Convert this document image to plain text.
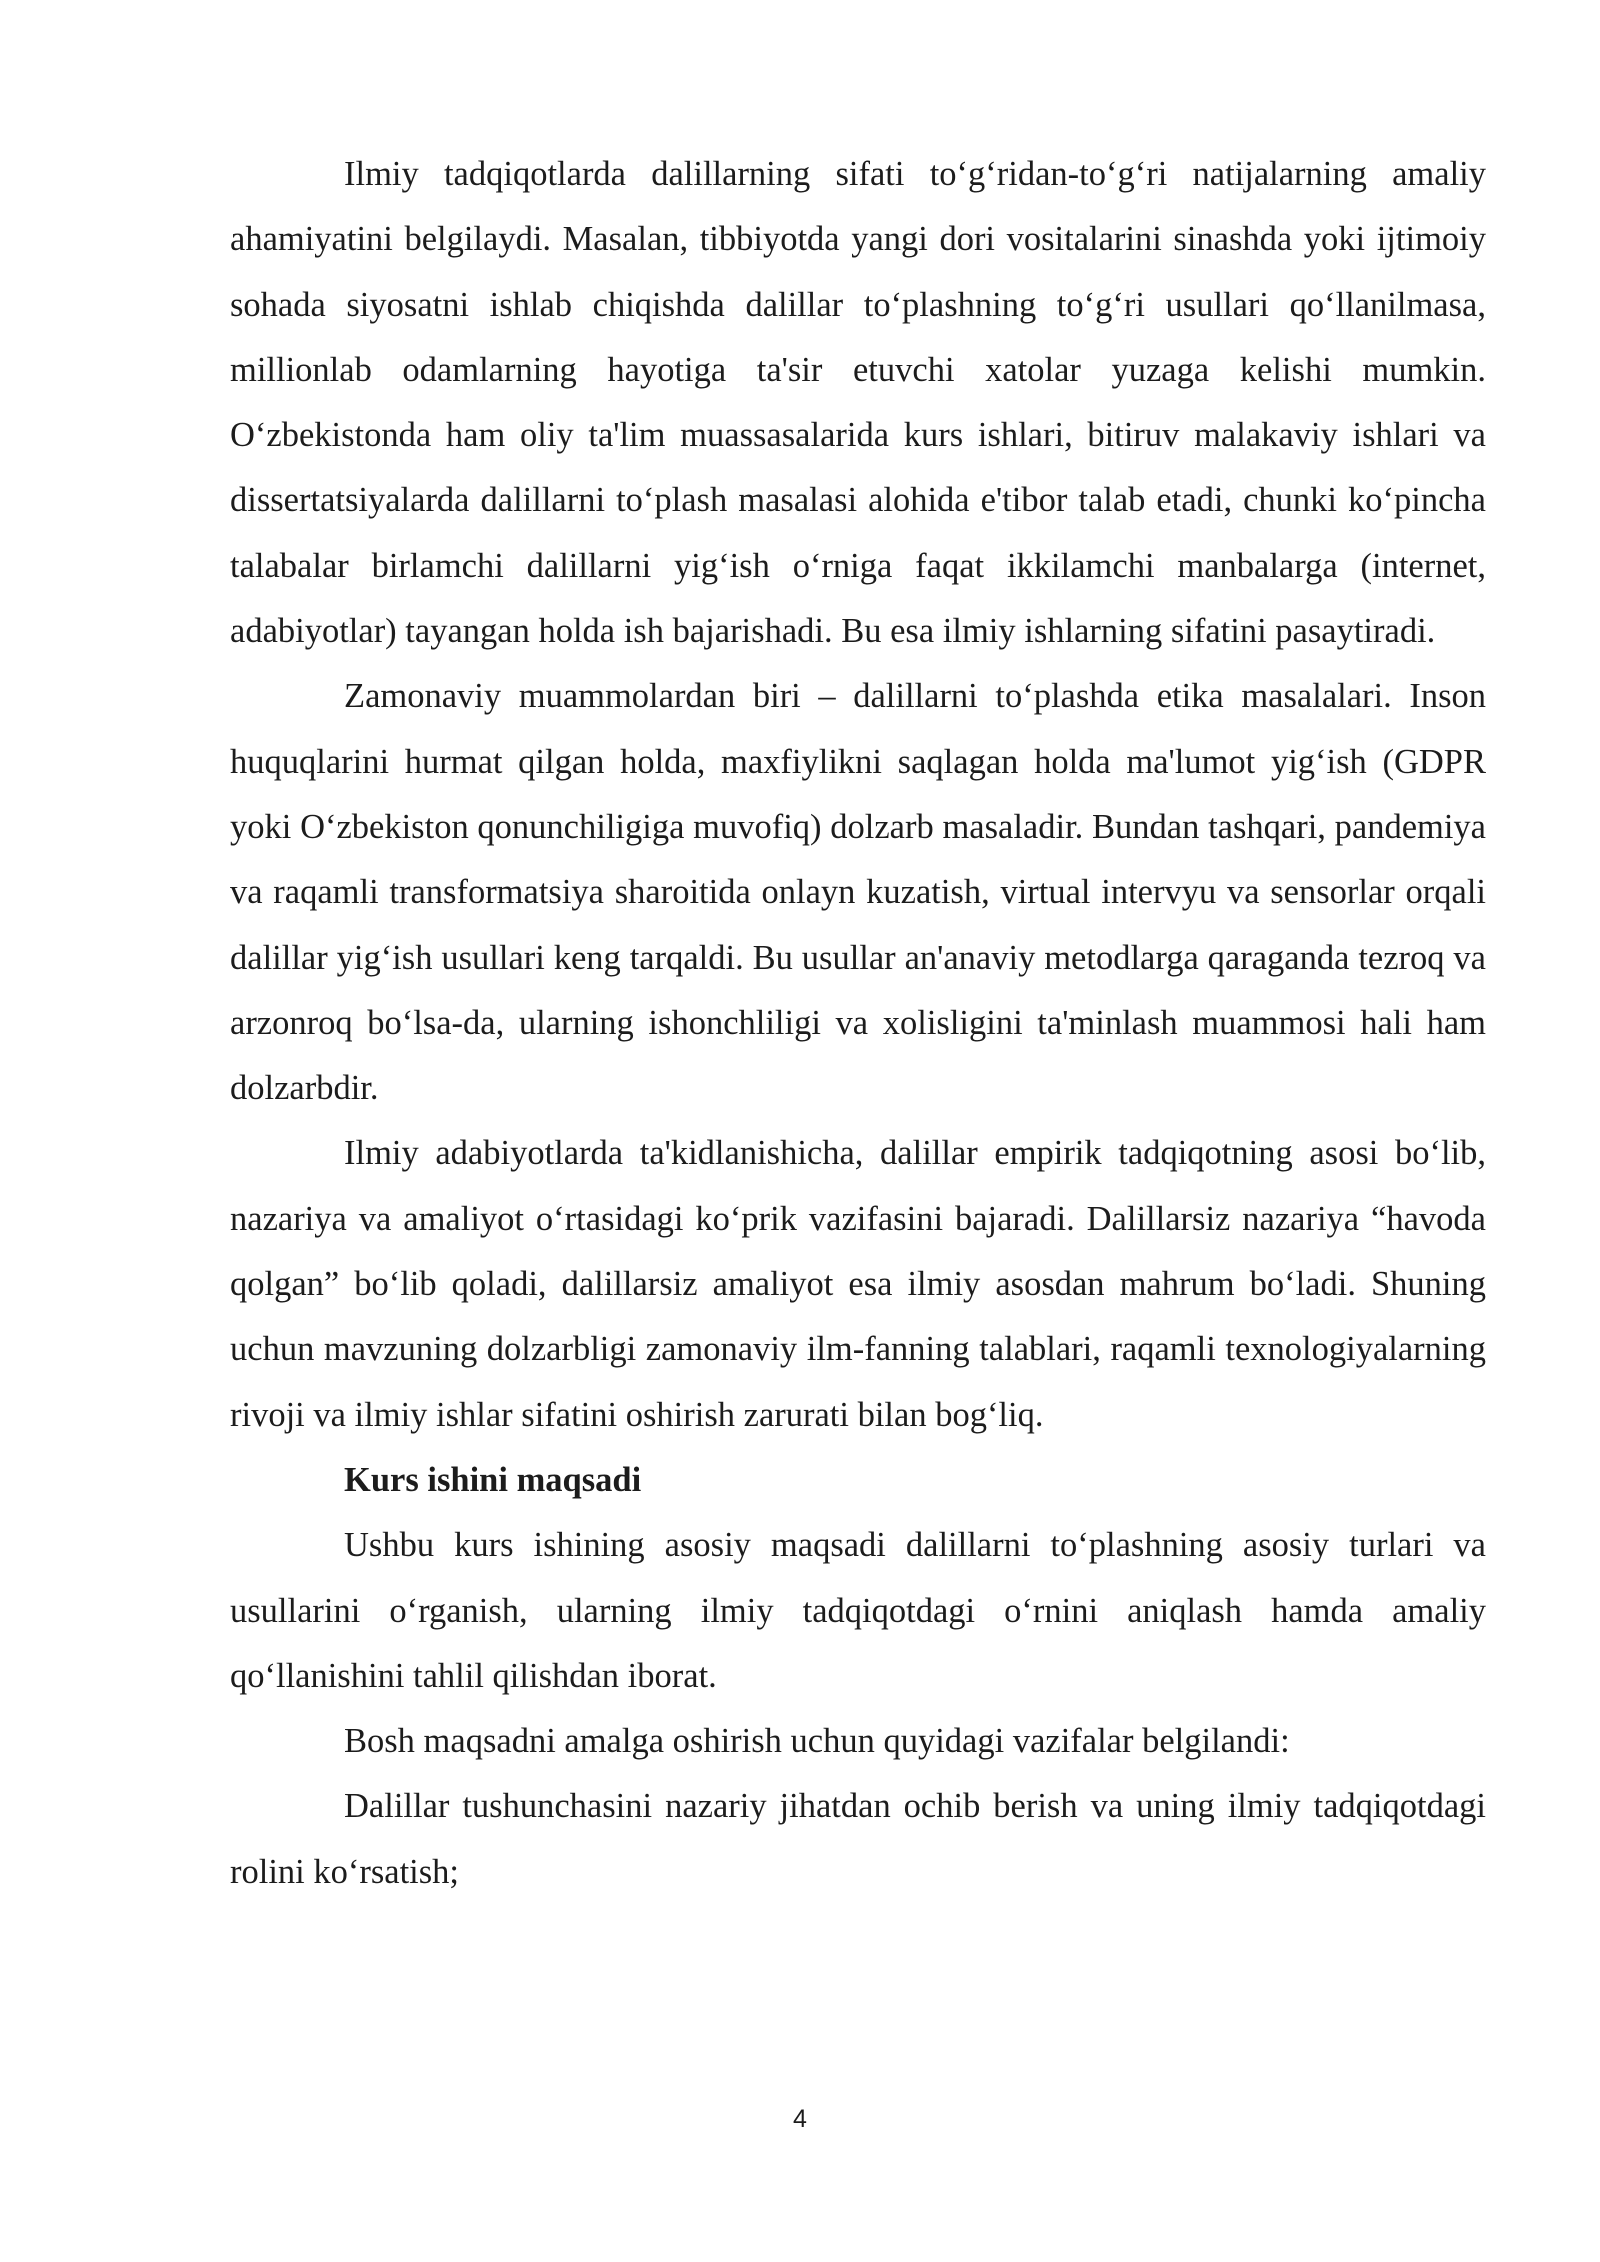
Ilmiy tadqiqotlarda dalillarning sifati to‘g‘ridan-to‘g‘ri natijalarning amaliy ahamiyatini belgilaydi. Masalan, tibbiyotda yangi dori vositalarini sinashda yoki ijtimoiy sohada siyosatni ishlab chiqishda dalillar to‘plashning to‘g‘ri usullari qo‘llanilmasa, millionlab odamlarning hayotiga ta'sir etuvchi xatolar yuzaga kelishi mumkin. O‘zbekistonda ham oliy ta'lim muassasalarida kurs ishlari, bitiruv malakaviy ishlari va dissertatsiyalarda dalillarni to‘plash masalasi alohida e'tibor talab etadi, chunki ko‘pincha talabalar birlamchi dalillarni yig‘ish o‘rniga faqat ikkilamchi manbalarga (internet, adabiyotlar) tayangan holda ish bajarishadi. Bu esa ilmiy ishlarning sifatini pasaytiradi.

Zamonaviy muammolardan biri – dalillarni to‘plashda etika masalalari. Inson huquqlarini hurmat qilgan holda, maxfiylikni saqlagan holda ma'lumot yig‘ish (GDPR yoki O‘zbekiston qonunchiligiga muvofiq) dolzarb masaladir. Bundan tashqari, pandemiya va raqamli transformatsiya sharoitida onlayn kuzatish, virtual intervyu va sensorlar orqali dalillar yig‘ish usullari keng tarqaldi. Bu usullar an'anaviy metodlarga qaraganda tezroq va arzonroq bo‘lsa-da, ularning ishonchliligi va xolisligini ta'minlash muammosi hali ham dolzarbdir.

Ilmiy adabiyotlarda ta'kidlanishicha, dalillar empirik tadqiqotning asosi bo‘lib, nazariya va amaliyot o‘rtasidagi ko‘prik vazifasini bajaradi. Dalillarsiz nazariya “havoda qolgan” bo‘lib qoladi, dalillarsiz amaliyot esa ilmiy asosdan mahrum bo‘ladi. Shuning uchun mavzuning dolzarbligi zamonaviy ilm-fanning talablari, raqamli texnologiyalarning rivoji va ilmiy ishlar sifatini oshirish zarurati bilan bog‘liq.

Kurs ishini maqsadi

Ushbu kurs ishining asosiy maqsadi dalillarni to‘plashning asosiy turlari va usullarini o‘rganish, ularning ilmiy tadqiqotdagi o‘rnini aniqlash hamda amaliy qo‘llanishini tahlil qilishdan iborat.

Bosh maqsadni amalga oshirish uchun quyidagi vazifalar belgilandi:

Dalillar tushunchasini nazariy jihatdan ochib berish va uning ilmiy tadqiqotdagi rolini ko‘rsatish;

4
